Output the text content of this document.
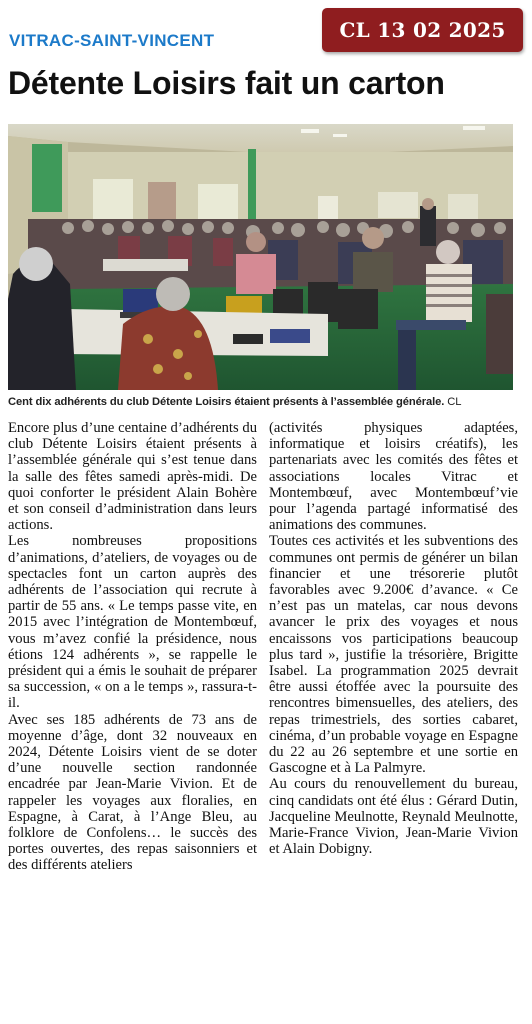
CL 13 02 2025
VITRAC-SAINT-VINCENT
Détente Loisirs fait un carton
Cent dix adhérents du club Détente Loisirs étaient présents à l’assemblée générale. CL

Encore plus d’une centaine d’adhérents du club Détente Loisirs étaient présents à l’assemblée générale qui s’est tenue dans la salle des fêtes samedi après-midi. De quoi conforter le président Alain Bohère et son conseil d’administration dans leurs actions.

Les nombreuses propositions d’animations, d’ateliers, de voyages ou de spectacles font un carton auprès des adhérents de l’association qui recrute à partir de 55 ans. « Le temps passe vite, en 2015 avec l’intégration de Montembœuf, vous m’avez confié la présidence, nous étions 124 adhérents », se rappelle le président qui a émis le souhait de préparer sa succession, « on a le temps », rassura-t-il.

Avec ses 185 adhérents de 73 ans de moyenne d’âge, dont 32 nouveaux en 2024, Détente Loisirs vient de se doter d’une nouvelle section randonnée encadrée par Jean-Marie Vivion. Et de rappeler les voyages aux floralies, en Espagne, à Carat, à l’Ange Bleu, au folklore de Confolens… le succès des portes ouvertes, des repas saisonniers et des différents ateliers

(activités physiques adaptées, informatique et loisirs créatifs), les partenariats avec les comités des fêtes et associations locales Vitrac et Montembœuf, avec Montembœuf’vie pour l’agenda partagé informatisé des animations des communes.

Toutes ces activités et les subventions des communes ont permis de générer un bilan financier et une trésorerie plutôt favorables avec 9.200€ d’avance. « Ce n’est pas un matelas, car nous devons avancer le prix des voyages et nous encaissons vos participations beaucoup plus tard », justifie la trésorière, Brigitte Isabel. La programmation 2025 devrait être aussi étoffée avec la poursuite des rencontres bimensuelles, des ateliers, des repas trimestriels, des sorties cabaret, cinéma, d’un probable voyage en Espagne du 22 au 26 septembre et une sortie en Gascogne et à La Palmyre.

Au cours du renouvellement du bureau, cinq candidats ont été élus : Gérard Dutin, Jacqueline Meulnotte, Reynald Meulnotte, Marie-France Vivion, Jean-Marie Vivion et Alain Dobigny.
